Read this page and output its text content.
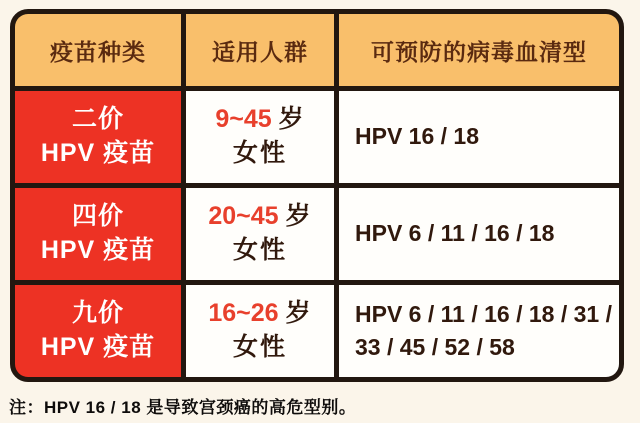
疫苗种类	适用人群	可预防的病毒血清型
二价
HPV 疫苗
9~45 岁
女性
HPV 16 / 18
四价
HPV 疫苗
20~45 岁
女性
HPV 6 / 11 / 16 / 18
九价
HPV 疫苗
16~26 岁
女性
HPV 6 / 11 / 16 / 18 / 31 / 33 / 45 / 52 / 58
注：HPV 16 / 18 是导致宫颈癌的高危型别。
